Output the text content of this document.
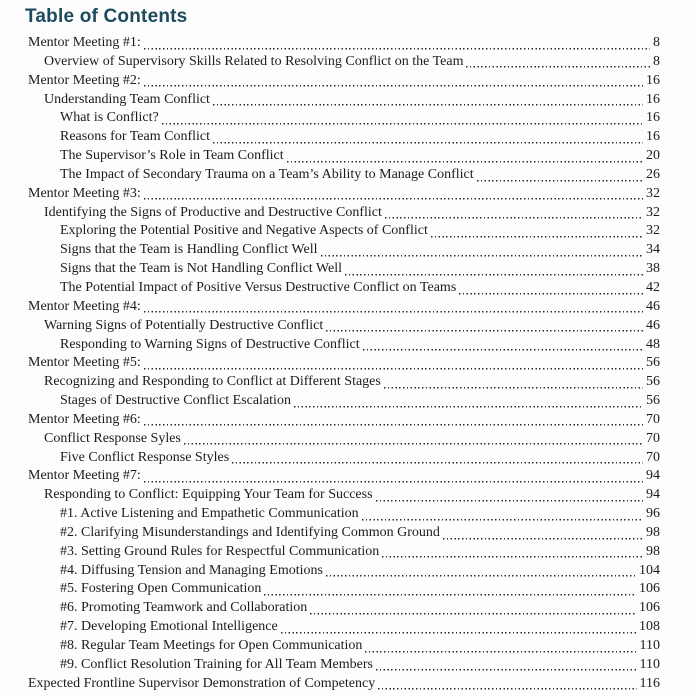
Table of Contents
Mentor Meeting #1:	8
Overview of Supervisory Skills Related to Resolving Conflict on the Team	8
Mentor Meeting #2:	16
Understanding Team Conflict	16
What is Conflict?	16
Reasons for Team Conflict	16
The Supervisor’s Role in Team Conflict	20
The Impact of Secondary Trauma on a Team’s Ability to Manage Conflict	26
Mentor Meeting #3:	32
Identifying the Signs of Productive and Destructive Conflict	32
Exploring the Potential Positive and Negative Aspects of Conflict	32
Signs that the Team is Handling Conflict Well	34
Signs that the Team is Not Handling Conflict Well	38
The Potential Impact of Positive Versus Destructive Conflict on Teams	42
Mentor Meeting #4:	46
Warning Signs of Potentially Destructive Conflict	46
Responding to Warning Signs of Destructive Conflict	48
Mentor Meeting #5:	56
Recognizing and Responding to Conflict at Different Stages	56
Stages of Destructive Conflict Escalation	56
Mentor Meeting #6:	70
Conflict Response Syles	70
Five Conflict Response Styles	70
Mentor Meeting #7:	94
Responding to Conflict: Equipping Your Team for Success	94
#1. Active Listening and Empathetic Communication	96
#2. Clarifying Misunderstandings and Identifying Common Ground	98
#3. Setting Ground Rules for Respectful Communication	98
#4. Diffusing Tension and Managing Emotions	104
#5. Fostering Open Communication	106
#6. Promoting Teamwork and Collaboration	106
#7. Developing Emotional Intelligence	108
#8. Regular Team Meetings for Open Communication	110
#9. Conflict Resolution Training for All Team Members	110
Expected Frontline Supervisor Demonstration of Competency	116
